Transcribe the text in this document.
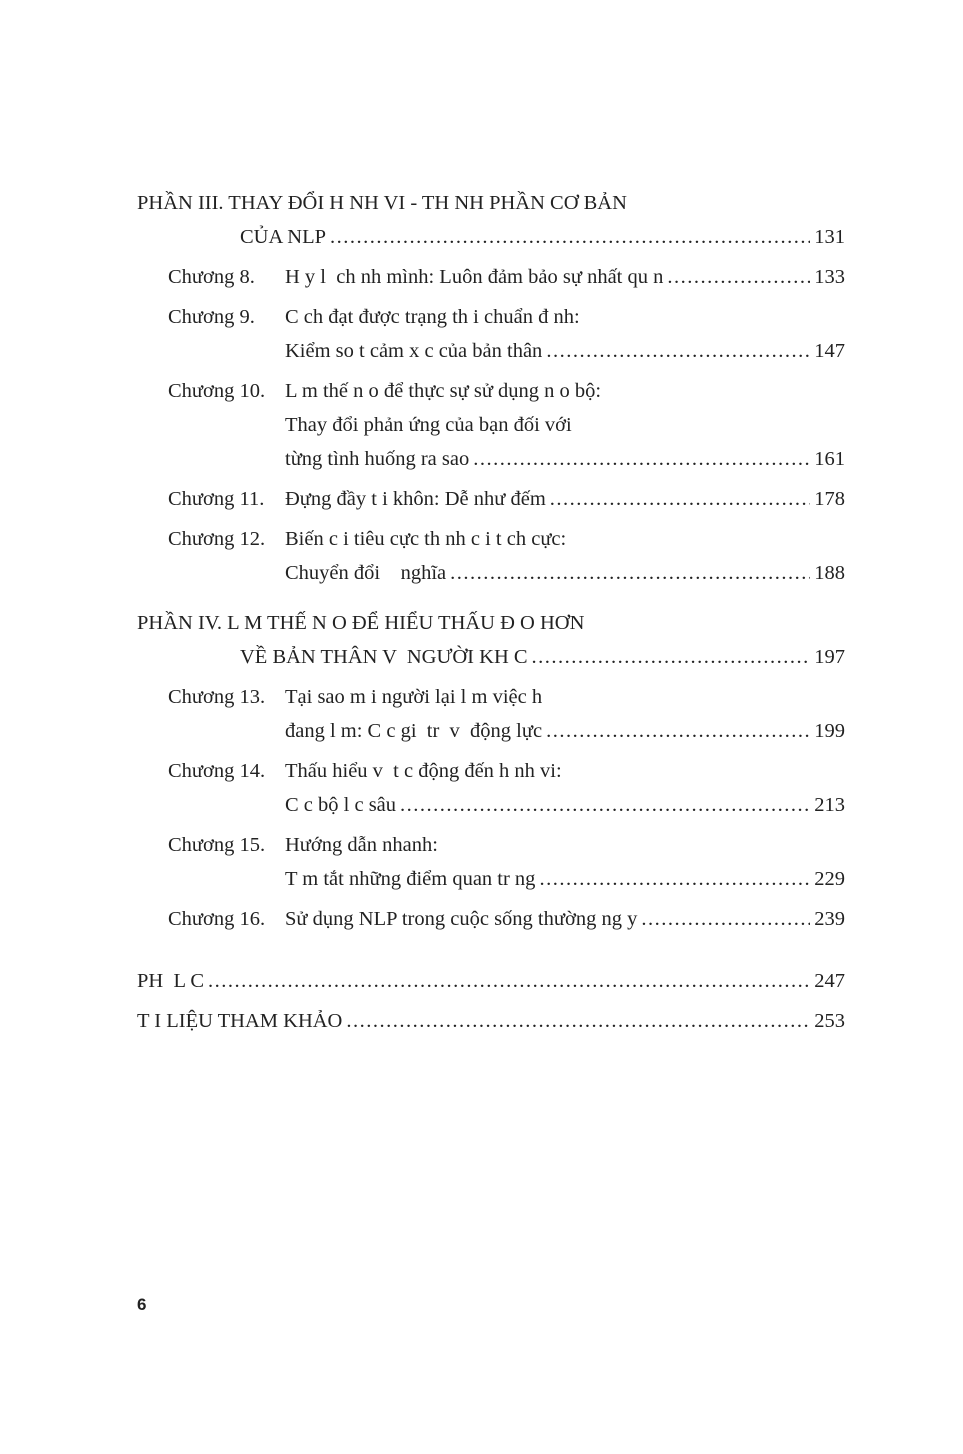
PHẦN III. THAY ĐỔI H NH VI - TH NH PHẦN CƠ BẢN
CỦA NLP .....	131
Chương 8.	H y l  ch nh mình: Luôn đảm bảo sự nhất qu n .....	133
Chương 9.	C ch đạt được trạng th i chuẩn đ nh:
Kiểm so t cảm x c của bản thân .....	147
Chương 10. L m thế n o để thực sự sử dụng n o bộ:
Thay đổi phản ứng của bạn đối với
từng tình huống ra sao .....	161
Chương 11.	Đựng đầy t i khôn: Dễ như đếm .....	178
Chương 12. Biến c i tiêu cực th nh c i t ch cực:
Chuyển đổi    nghĩa .....	188
PHẦN IV. L M THẾ N O ĐỂ HIỂU THẤU Đ O HƠN
VỀ BẢN THÂN V  NGƯỜI KH C .....	197
Chương 13. Tại sao m i người lại l m việc h
đang l m: C c gi  tr  v  động lực .....	199
Chương 14. Thấu hiểu v  t c động đến h nh vi:
C c bộ l c sâu .....	213
Chương 15. Hướng dẫn nhanh:
T m tắt những điểm quan tr ng .....	229
Chương 16. Sử dụng NLP trong cuộc sống thường ng y .....	239
PH  L C .....	247
T I LIỆU THAM KHẢO .....	253
6
